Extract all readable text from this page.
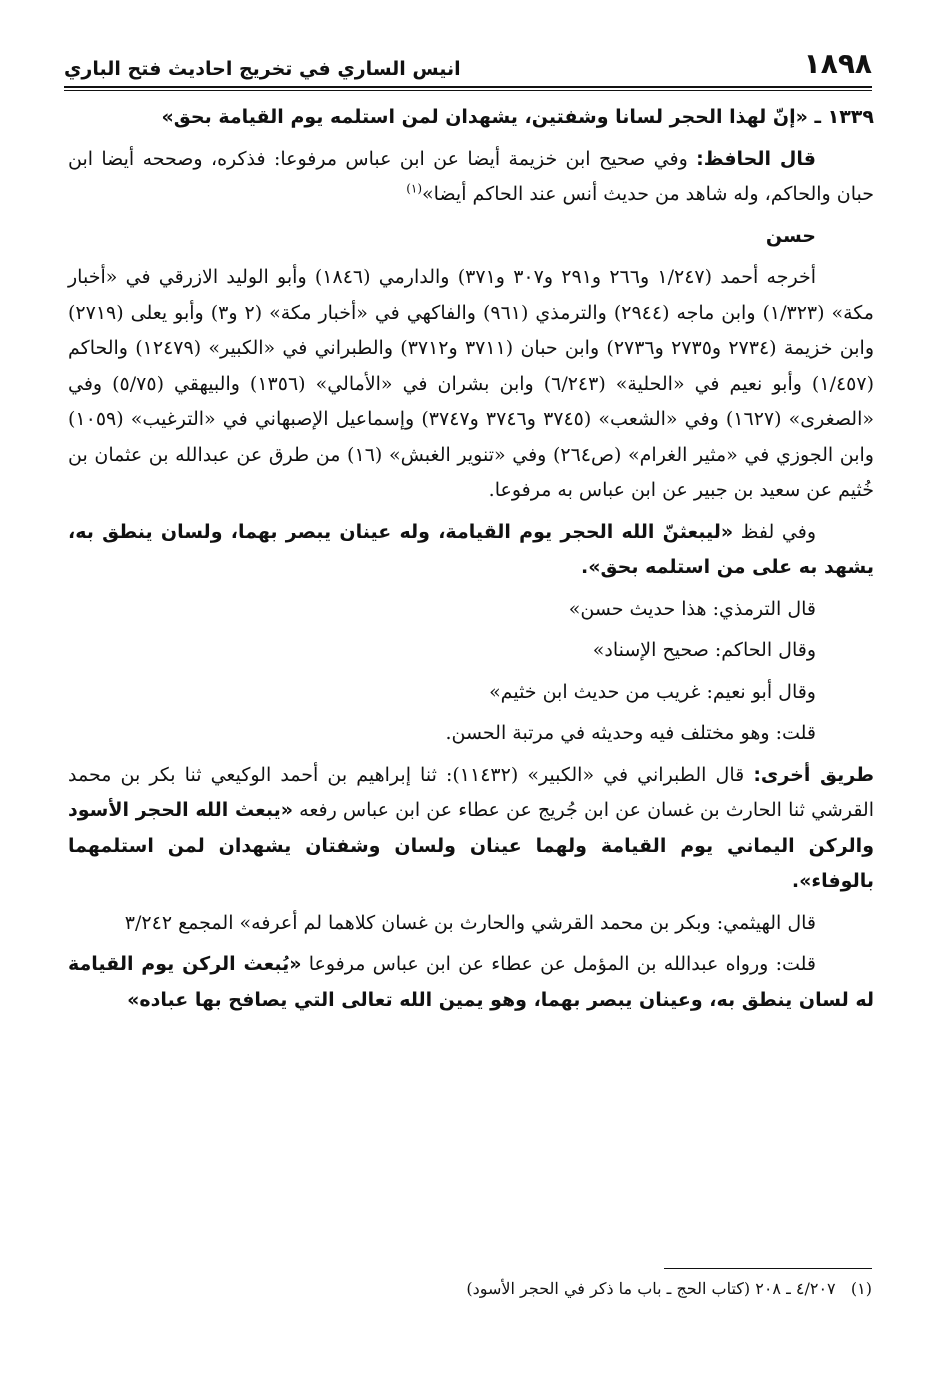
١٨٩٨
انيس الساري في تخريج احاديث فتح الباري

١٣٣٩ ـ «إنّ لهذا الحجر لسانا وشفتين، يشهدان لمن استلمه يوم القيامة بحق»

قال الحافظ: وفي صحيح ابن خزيمة أيضا عن ابن عباس مرفوعا: فذكره، وصححه أيضا ابن حبان والحاكم، وله شاهد من حديث أنس عند الحاكم أيضا»$^{(١)}$

حسن

أخرجه أحمد (١/٢٤٧ و٢٦٦ و٢٩١ و٣٠٧ و٣٧١) والدارمي (١٨٤٦) وأبو الوليد الازرقي في «أخبار مكة» (١/٣٢٣) وابن ماجه (٢٩٤٤) والترمذي (٩٦١) والفاكهي في «أخبار مكة» (٢ و٣) وأبو يعلى (٢٧١٩) وابن خزيمة (٢٧٣٤ و٢٧٣٥ و٢٧٣٦) وابن حبان (٣٧١١ و٣٧١٢) والطبراني في «الكبير» (١٢٤٧٩) والحاكم (١/٤٥٧) وأبو نعيم في «الحلية» (٦/٢٤٣) وابن بشران في «الأمالي» (١٣٥٦) والبيهقي (٥/٧٥) وفي «الصغرى» (١٦٢٧) وفي «الشعب» (٣٧٤٥ و٣٧٤٦ و٣٧٤٧) وإسماعيل الإصبهاني في «الترغيب» (١٠٥٩) وابن الجوزي في «مثير الغرام» (ص٢٦٤) وفي «تنوير الغبش» (١٦) من طرق عن عبدالله بن عثمان بن خُثيم عن سعيد بن جبير عن ابن عباس به مرفوعا.

وفي لفظ «ليبعثنّ الله الحجر يوم القيامة، وله عينان يبصر بهما، ولسان ينطق به، يشهد به على من استلمه بحق».

قال الترمذي: هذا حديث حسن»

وقال الحاكم: صحيح الإسناد»

وقال أبو نعيم: غريب من حديث ابن خثيم»

قلت: وهو مختلف فيه وحديثه في مرتبة الحسن.

طريق أخرى: قال الطبراني في «الكبير» (١١٤٣٢): ثنا إبراهيم بن أحمد الوكيعي ثنا بكر بن محمد القرشي ثنا الحارث بن غسان عن ابن جُريج عن عطاء عن ابن عباس رفعه «يبعث الله الحجر الأسود والركن اليماني يوم القيامة ولهما عينان ولسان وشفتان يشهدان لمن استلمهما بالوفاء».

قال الهيثمي: وبكر بن محمد القرشي والحارث بن غسان كلاهما لم أعرفه» المجمع ٣/٢٤٢

قلت: ورواه عبدالله بن المؤمل عن عطاء عن ابن عباس مرفوعا «يُبعث الركن يوم القيامة له لسان ينطق به، وعينان يبصر بهما، وهو يمين الله تعالى التي يصافح بها عباده»

(١)   ٤/٢٠٧ ـ ٢٠٨ (كتاب الحج ـ باب ما ذكر في الحجر الأسود)
